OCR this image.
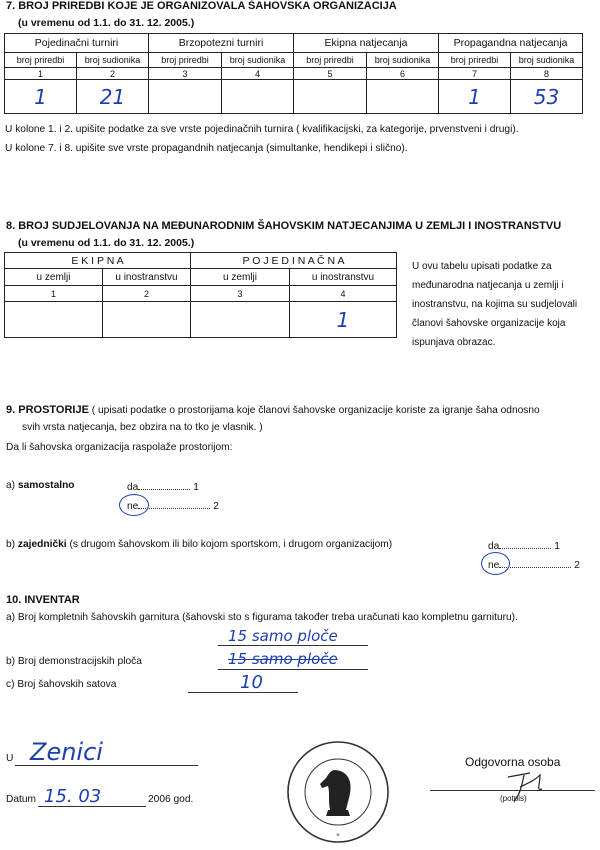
7. BROJ PRIREDBI KOJE JE ORGANIZOVALA ŠAHOVSKA ORGANIZACIJA
(u vremenu od 1.1. do 31. 12. 2005.)
Pojedinačni turniri		Brzopotezni turniri		Ekipna natjecanja		Propagandna natjecanja	
broj priredbi	broj sudionika	broj priredbi	broj sudionika	broj priredbi	broj sudionika	broj priredbi	broj sudionika
1	2	3	4	5	6	7	8
1	21					1	53
U kolone 1. i 2. upišite podatke za sve vrste pojedinačnih turnira ( kvalifikacijski, za kategorije, prvenstveni i drugi).
U kolone 7. i 8. upišite sve vrste propagandnih natjecanja (simultanke, hendikepi i slično).
8. BROJ SUDJELOVANJA NA MEĐUNARODNIM ŠAHOVSKIM NATJECANJIMA U ZEMLJI I INOSTRANSTVU
(u vremenu od 1.1. do 31. 12. 2005.)
E K I P N A		P O J E D I N A Č N A	
u zemlji	u inostranstvu	u zemlji	u inostranstvu
1	2	3	4
			1
U ovu tabelu upisati podatke za
međunarodna natjecanja u zemlji i
inostranstvu, na kojima su sudjelovali
članovi šahovske organizacije koja
ispunjava obrazac.
9. PROSTORIJE ( upisati podatke o prostorijama koje članovi šahovske organizacije koriste za igranje šaha odnosno
svih vrsta natjecanja, bez obzira na to tko je vlasnik. )
Da li šahovska organizacija raspolaže prostorijom:
a) samostalno	da	1
ne	2
b) zajednički (s drugom šahovskom ili bilo kojom sportskom, i drugom organizacijom)	da	1
ne	2
10. INVENTAR
a) Broj kompletnih šahovskih garnitura (šahovski sto s figurama također treba uračunati kao kompletnu garnituru).
15 samo ploče
b) Broj demonstracijskih ploča	15 samo ploče
c) Broj šahovskih satova	10
U Zenici
Datum 15. 03	2006 god.
*
Odgovorna osoba
(potpis)
